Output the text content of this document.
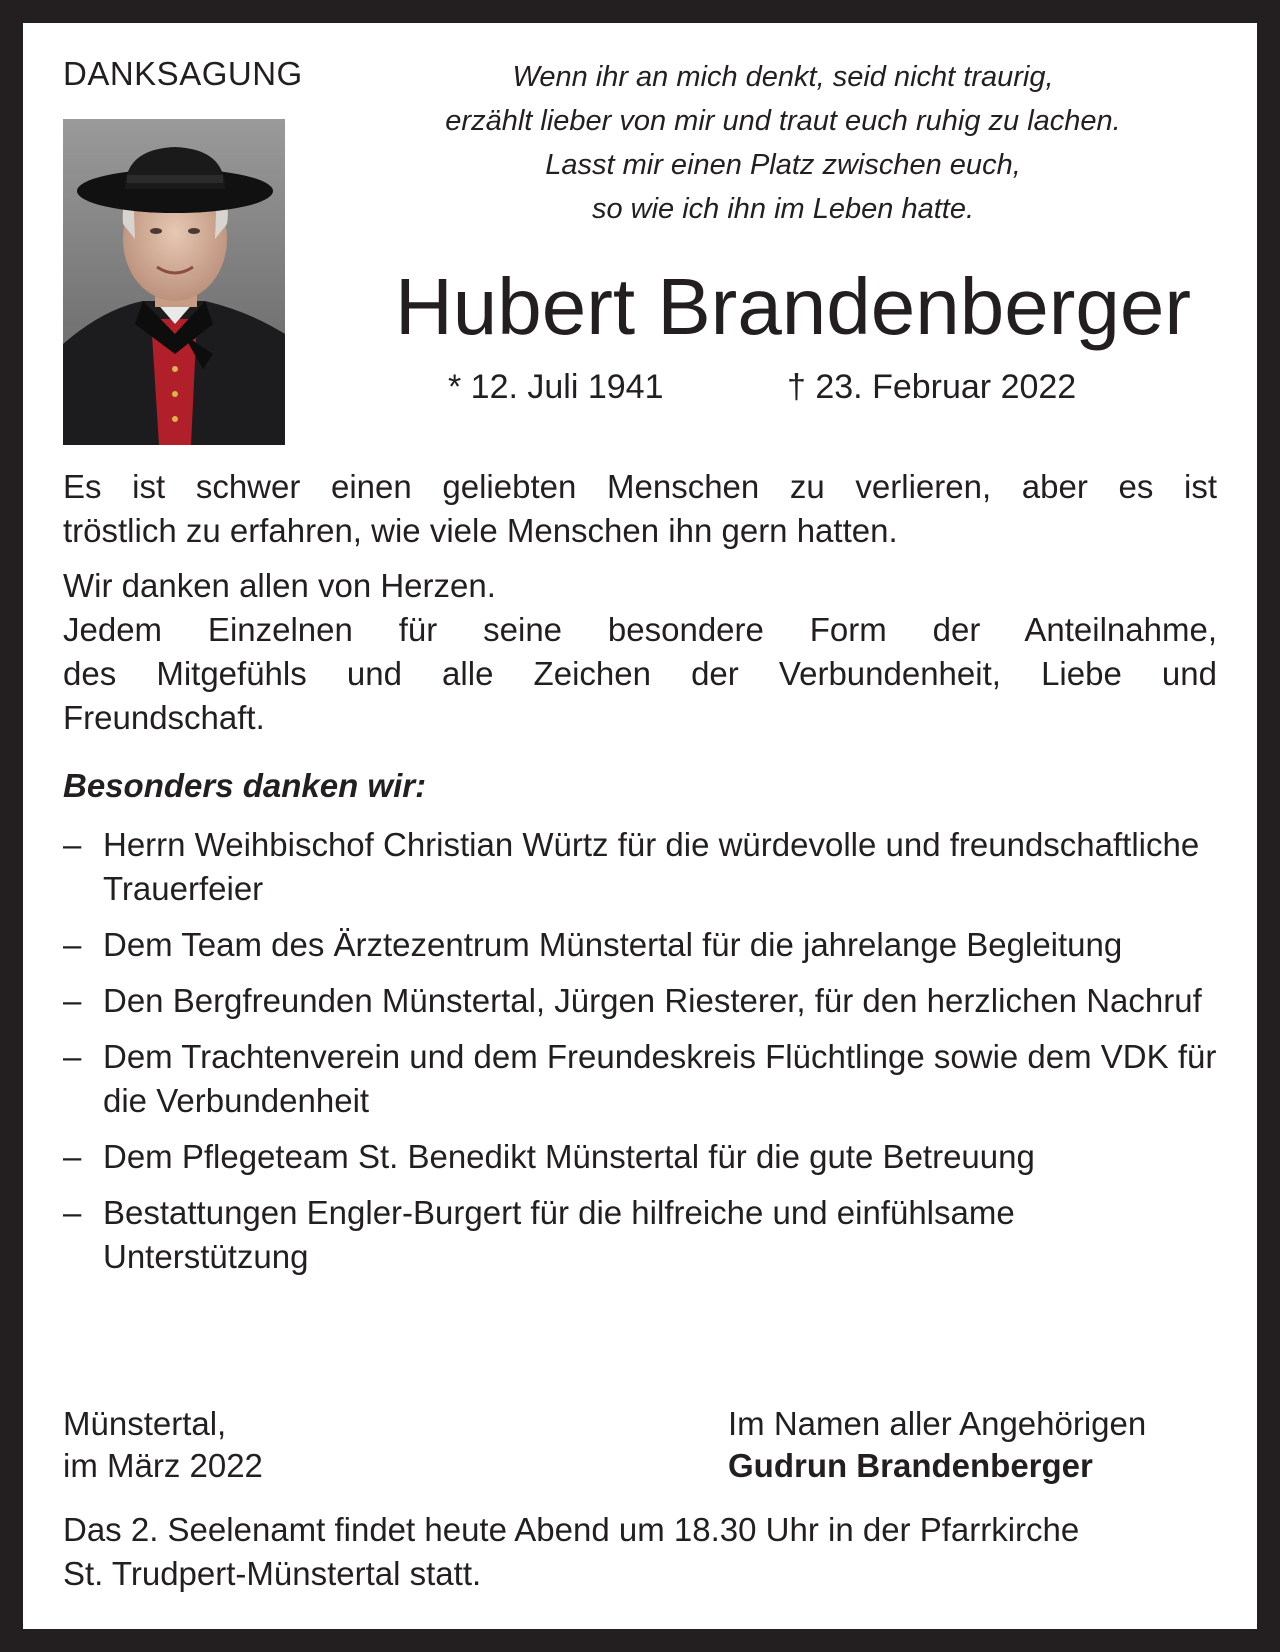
DANKSAGUNG	Wenn ihr an mich denkt, seid nicht traurig,
erzählt lieber von mir und traut euch ruhig zu lachen.
Lasst mir einen Platz zwischen euch,
so wie ich ihn im Leben hatte.
Hubert Brandenberger
* 12. Juli 1941	† 23. Februar 2022
Es ist schwer einen geliebten Menschen zu verlieren, aber es ist
tröstlich zu erfahren, wie viele Menschen ihn gern hatten.
Wir danken allen von Herzen.
Jedem Einzelnen für seine besondere Form der Anteilnahme,
des Mitgefühls und alle Zeichen der Verbundenheit, Liebe und
Freundschaft.
Besonders danken wir:
– Herrn Weihbischof Christian Würtz für die würdevolle und freundschaftliche Trauerfeier
– Dem Team des Ärztezentrum Münstertal für die jahrelange Begleitung
– Den Bergfreunden Münstertal, Jürgen Riesterer, für den herzlichen Nachruf
– Dem Trachtenverein und dem Freundeskreis Flüchtlinge sowie dem VDK für die Verbundenheit
– Dem Pflegeteam St. Benedikt Münstertal für die gute Betreuung
– Bestattungen Engler-Burgert für die hilfreiche und einfühlsame Unterstützung
Münstertal,
im März 2022
Im Namen aller Angehörigen
Gudrun Brandenberger
Das 2. Seelenamt findet heute Abend um 18.30 Uhr in der Pfarrkirche
St. Trudpert-Münstertal statt.
